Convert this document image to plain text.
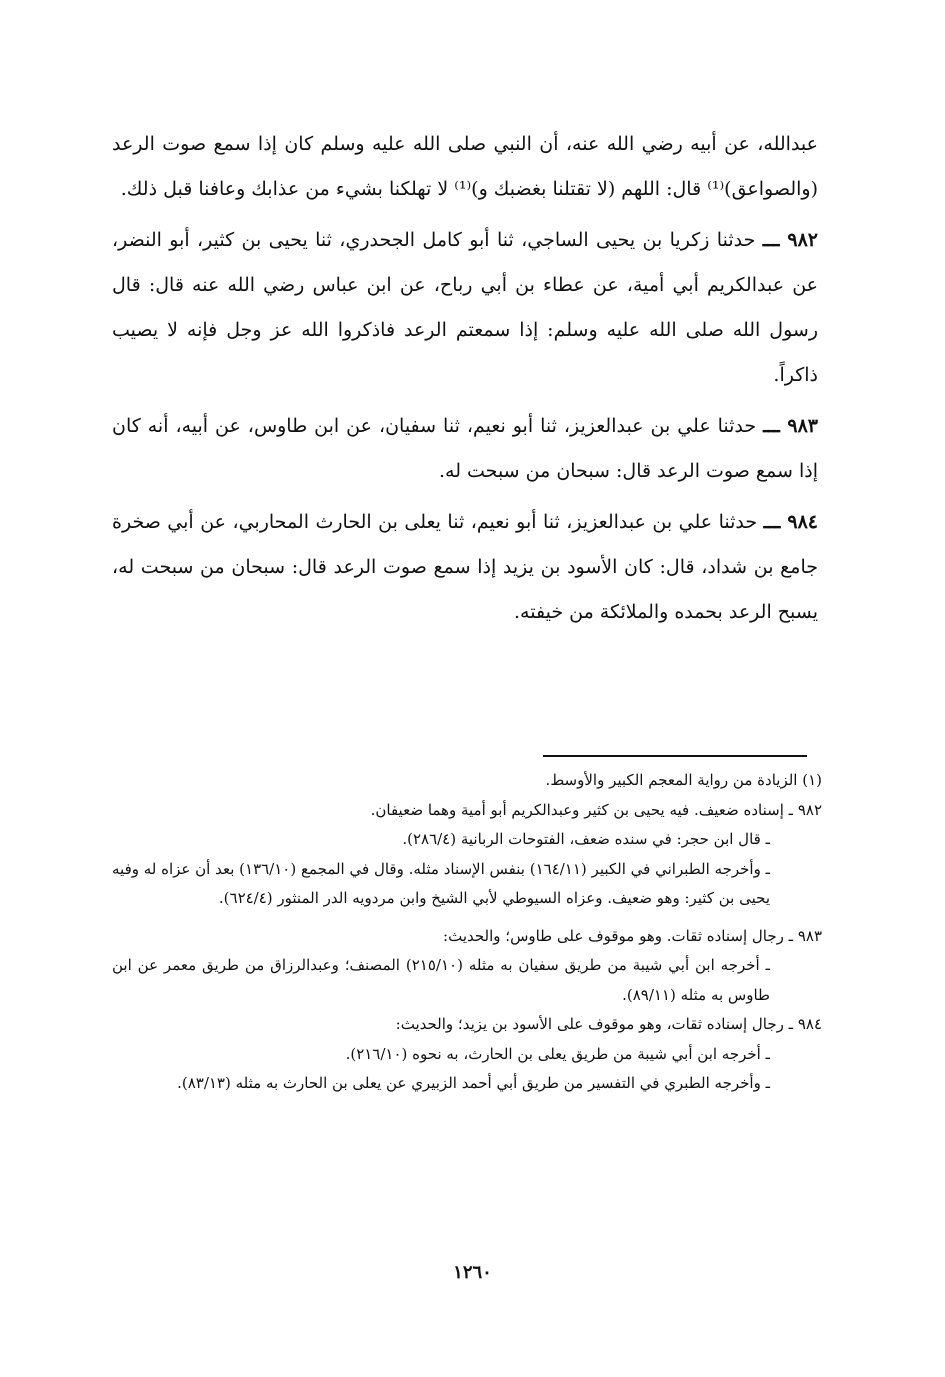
عبدالله، عن أبيه رضي الله عنه، أن النبي صلى الله عليه وسلم كان إذا سمع صوت الرعد (والصواعق)⁽¹⁾ قال: اللهم (لا تقتلنا بغضبك و)⁽¹⁾ لا تهلكنا بشيء من عذابك وعافنا قبل ذلك.

٩٨٢ ـــ حدثنا زكريا بن يحيى الساجي، ثنا أبو كامل الجحدري، ثنا يحيى بن كثير، أبو النضر، عن عبدالكريم أبي أمية، عن عطاء بن أبي رباح، عن ابن عباس رضي الله عنه قال: قال رسول الله صلى الله عليه وسلم: إذا سمعتم الرعد فاذكروا الله عز وجل فإنه لا يصيب ذاكراً.

٩٨٣ ـــ حدثنا علي بن عبدالعزيز، ثنا أبو نعيم، ثنا سفيان، عن ابن طاوس، عن أبيه، أنه كان إذا سمع صوت الرعد قال: سبحان من سبحت له.

٩٨٤ ـــ حدثنا علي بن عبدالعزيز، ثنا أبو نعيم، ثنا يعلى بن الحارث المحاربي، عن أبي صخرة جامع بن شداد، قال: كان الأسود بن يزيد إذا سمع صوت الرعد قال: سبحان من سبحت له، يسبح الرعد بحمده والملائكة من خيفته.

(١) الزيادة من رواية المعجم الكبير والأوسط.

٩٨٢ ـ إسناده ضعيف. فيه يحيى بن كثير وعبدالكريم أبو أمية وهما ضعيفان.

ـ قال ابن حجر: في سنده ضعف، الفتوحات الربانية (٢٨٦/٤).

ـ وأخرجه الطبراني في الكبير (١٦٤/١١) بنفس الإسناد مثله. وقال في المجمع (١٣٦/١٠) بعد أن عزاه له وفيه يحيى بن كثير: وهو ضعيف. وعزاه السيوطي لأبي الشيخ وابن مردويه الدر المنثور (٦٢٤/٤).

٩٨٣ ـ رجال إسناده ثقات. وهو موقوف على طاوس؛ والحديث:

ـ أخرجه ابن أبي شيبة من طريق سفيان به مثله (٢١٥/١٠) المصنف؛ وعبدالرزاق من طريق معمر عن ابن طاوس به مثله (٨٩/١١).

٩٨٤ ـ رجال إسناده ثقات، وهو موقوف على الأسود بن يزيد؛ والحديث:

ـ أخرجه ابن أبي شيبة من طريق يعلى بن الحارث، به نحوه (٢١٦/١٠).

ـ وأخرجه الطبري في التفسير من طريق أبي أحمد الزبيري عن يعلى بن الحارث به مثله (٨٣/١٣).

١٢٦٠
